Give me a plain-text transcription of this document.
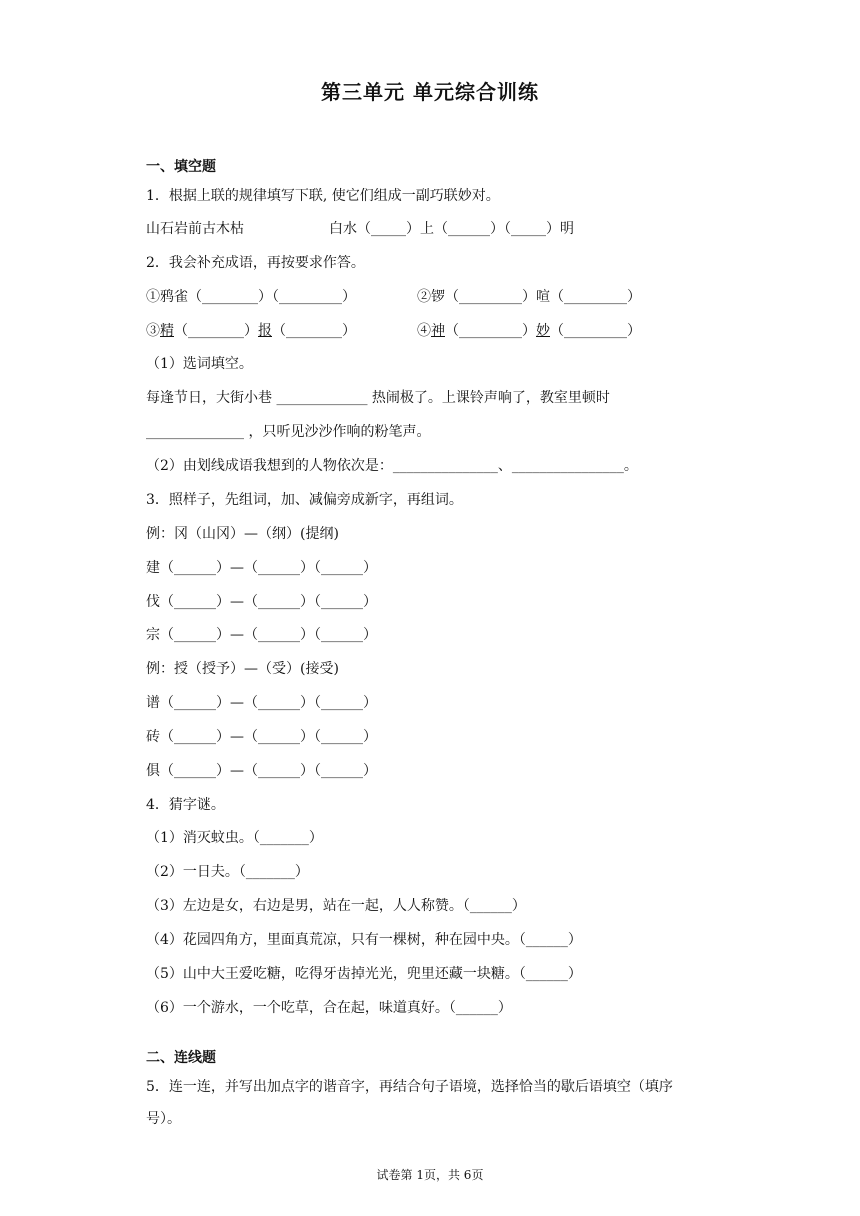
第三单元 单元综合训练
一、填空题
1．根据上联的规律填写下联, 使它们组成一副巧联妙对。
山石岩前古木枯	白水（_____）上（______）（_____）明
2．我会补充成语，再按要求作答。
①鸦雀（________）（_________）	②锣（_________）喧（_________）
③精（________）报（________）	④神（_________）妙（_________）
（1）选词填空。
每逢节日，大街小巷 _____________ 热闹极了。上课铃声响了，教室里顿时
______________ ，只听见沙沙作响的粉笔声。
（2）由划线成语我想到的人物依次是：_______________、________________。
3．照样子，先组词，加、减偏旁成新字，再组词。
例：冈（山冈）—（纲）(提纲)
建（______）—（______）（______）
伐（______）—（______）（______）
宗（______）—（______）（______）
例：授（授予）—（受）(接受)
谱（______）—（______）（______）
砖（______）—（______）（______）
俱（______）—（______）（______）
4．猜字谜。
（1）消灭蚊虫。（_______）
（2）一日夫。（_______）
（3）左边是女，右边是男，站在一起，人人称赞。（______）
（4）花园四角方，里面真荒凉，只有一棵树，种在园中央。（______）
（5）山中大王爱吃糖，吃得牙齿掉光光，兜里还藏一块糖。（______）
（6）一个游水，一个吃草，合在起，味道真好。（______）
二、连线题
5．连一连，并写出加点字的谐音字，再结合句子语境，选择恰当的歇后语填空（填序
号）。
试卷第 1页，共 6页
